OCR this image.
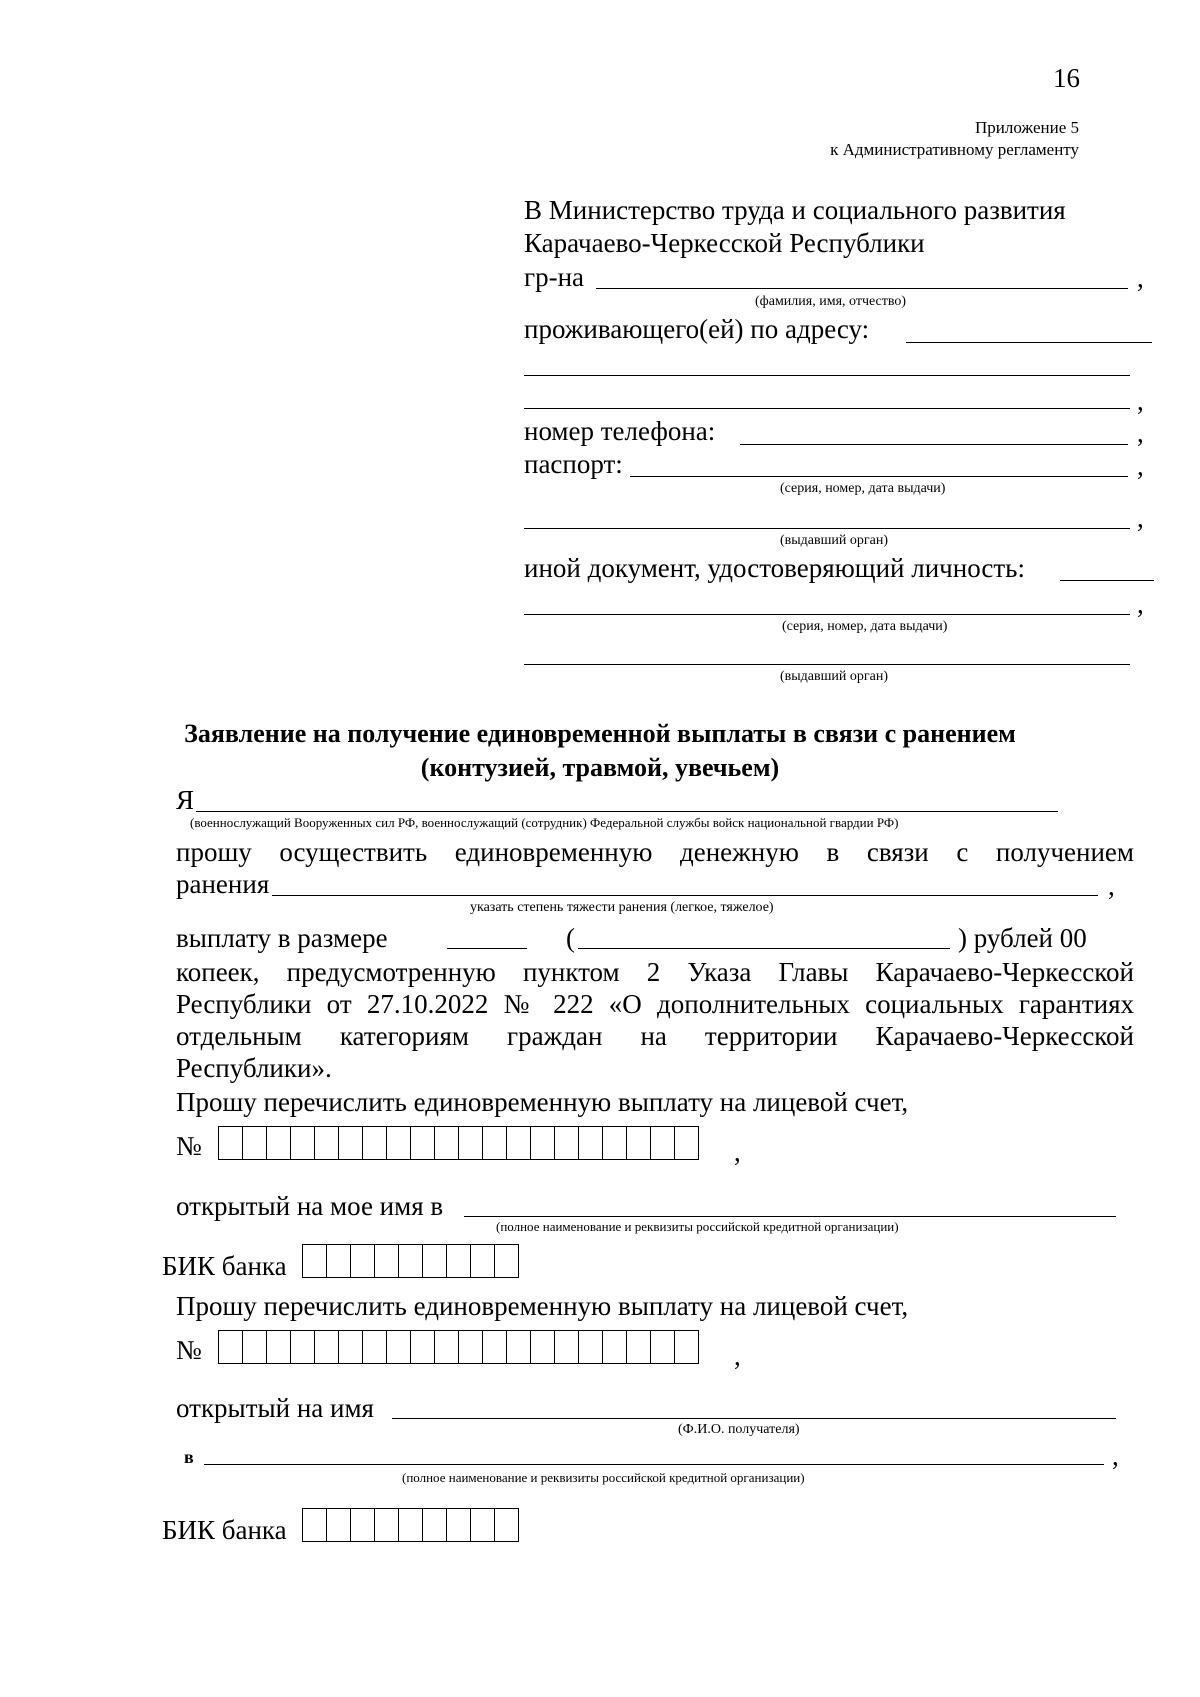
16
Приложение 5
к Административному регламенту
В Министерство труда и социального развития
Карачаево-Черкесской Республики
гр-на	,
(фамилия, имя, отчество)
проживающего(ей) по адресу:
,
номер телефона:	,
паспорт:	,
(серия, номер, дата выдачи)
,
(выдавший орган)
иной документ, удостоверяющий личность:
,
(серия, номер, дата выдачи)
(выдавший орган)
Заявление на получение единовременной выплаты в связи с ранением
(контузией, травмой, увечьем)
Я
(военнослужащий Вооруженных сил РФ, военнослужащий (сотрудник) Федеральной службы войск национальной гвардии РФ)
прошу осуществить единовременную денежную в связи с получением
ранения	,
указать степень тяжести ранения (легкое, тяжелое)
выплату в размере	(	) рублей 00
копеек, предусмотренную пунктом 2 Указа Главы Карачаево-Черкесской
Республики от 27.10.2022 № 222 «О дополнительных социальных гарантиях
отдельным категориям граждан на территории Карачаево-Черкесской
Республики».
Прошу перечислить единовременную выплату на лицевой счет,
№	,
открытый на мое имя в
(полное наименование и реквизиты российской кредитной организации)
БИК банка
Прошу перечислить единовременную выплату на лицевой счет,
№	,
открытый на имя
(Ф.И.О. получателя)
в	,
(полное наименование и реквизиты российской кредитной организации)
БИК банка
